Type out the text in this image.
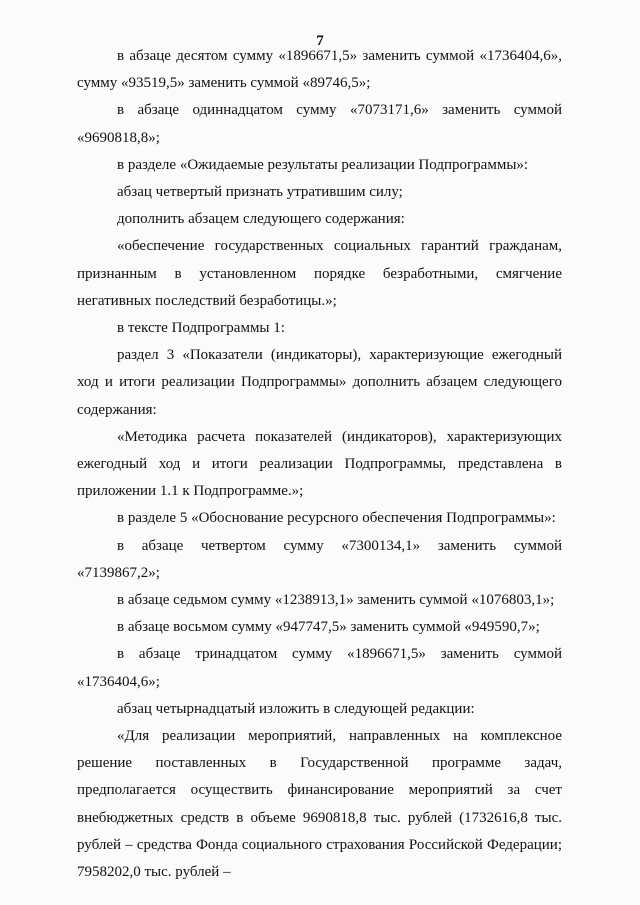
7

в абзаце десятом сумму «1896671,5» заменить суммой «1736404,6», сумму «93519,5» заменить суммой «89746,5»;

в абзаце одиннадцатом сумму «7073171,6» заменить суммой «9690818,8»;

в разделе «Ожидаемые результаты реализации Подпрограммы»:

абзац четвертый признать утратившим силу;

дополнить абзацем следующего содержания:

«обеспечение государственных социальных гарантий гражданам, признанным в установленном порядке безработными, смягчение негативных последствий безработицы.»;

в тексте Подпрограммы 1:

раздел 3 «Показатели (индикаторы), характеризующие ежегодный ход и итоги реализации Подпрограммы» дополнить абзацем следующего содержания:

«Методика расчета показателей (индикаторов), характеризующих ежегодный ход и итоги реализации Подпрограммы, представлена в приложении 1.1 к Подпрограмме.»;

в разделе 5 «Обоснование ресурсного обеспечения Подпрограммы»:

в абзаце четвертом сумму «7300134,1» заменить суммой «7139867,2»;

в абзаце седьмом сумму «1238913,1» заменить суммой «1076803,1»;

в абзаце восьмом сумму «947747,5» заменить суммой «949590,7»;

в абзаце тринадцатом сумму «1896671,5» заменить суммой «1736404,6»;

абзац четырнадцатый изложить в следующей редакции:

«Для реализации мероприятий, направленных на комплексное решение поставленных в Государственной программе задач, предполагается осуществить финансирование мероприятий за счет внебюджетных средств в объеме 9690818,8 тыс. рублей (1732616,8 тыс. рублей – средства Фонда социального страхования Российской Федерации; 7958202,0 тыс. рублей –
